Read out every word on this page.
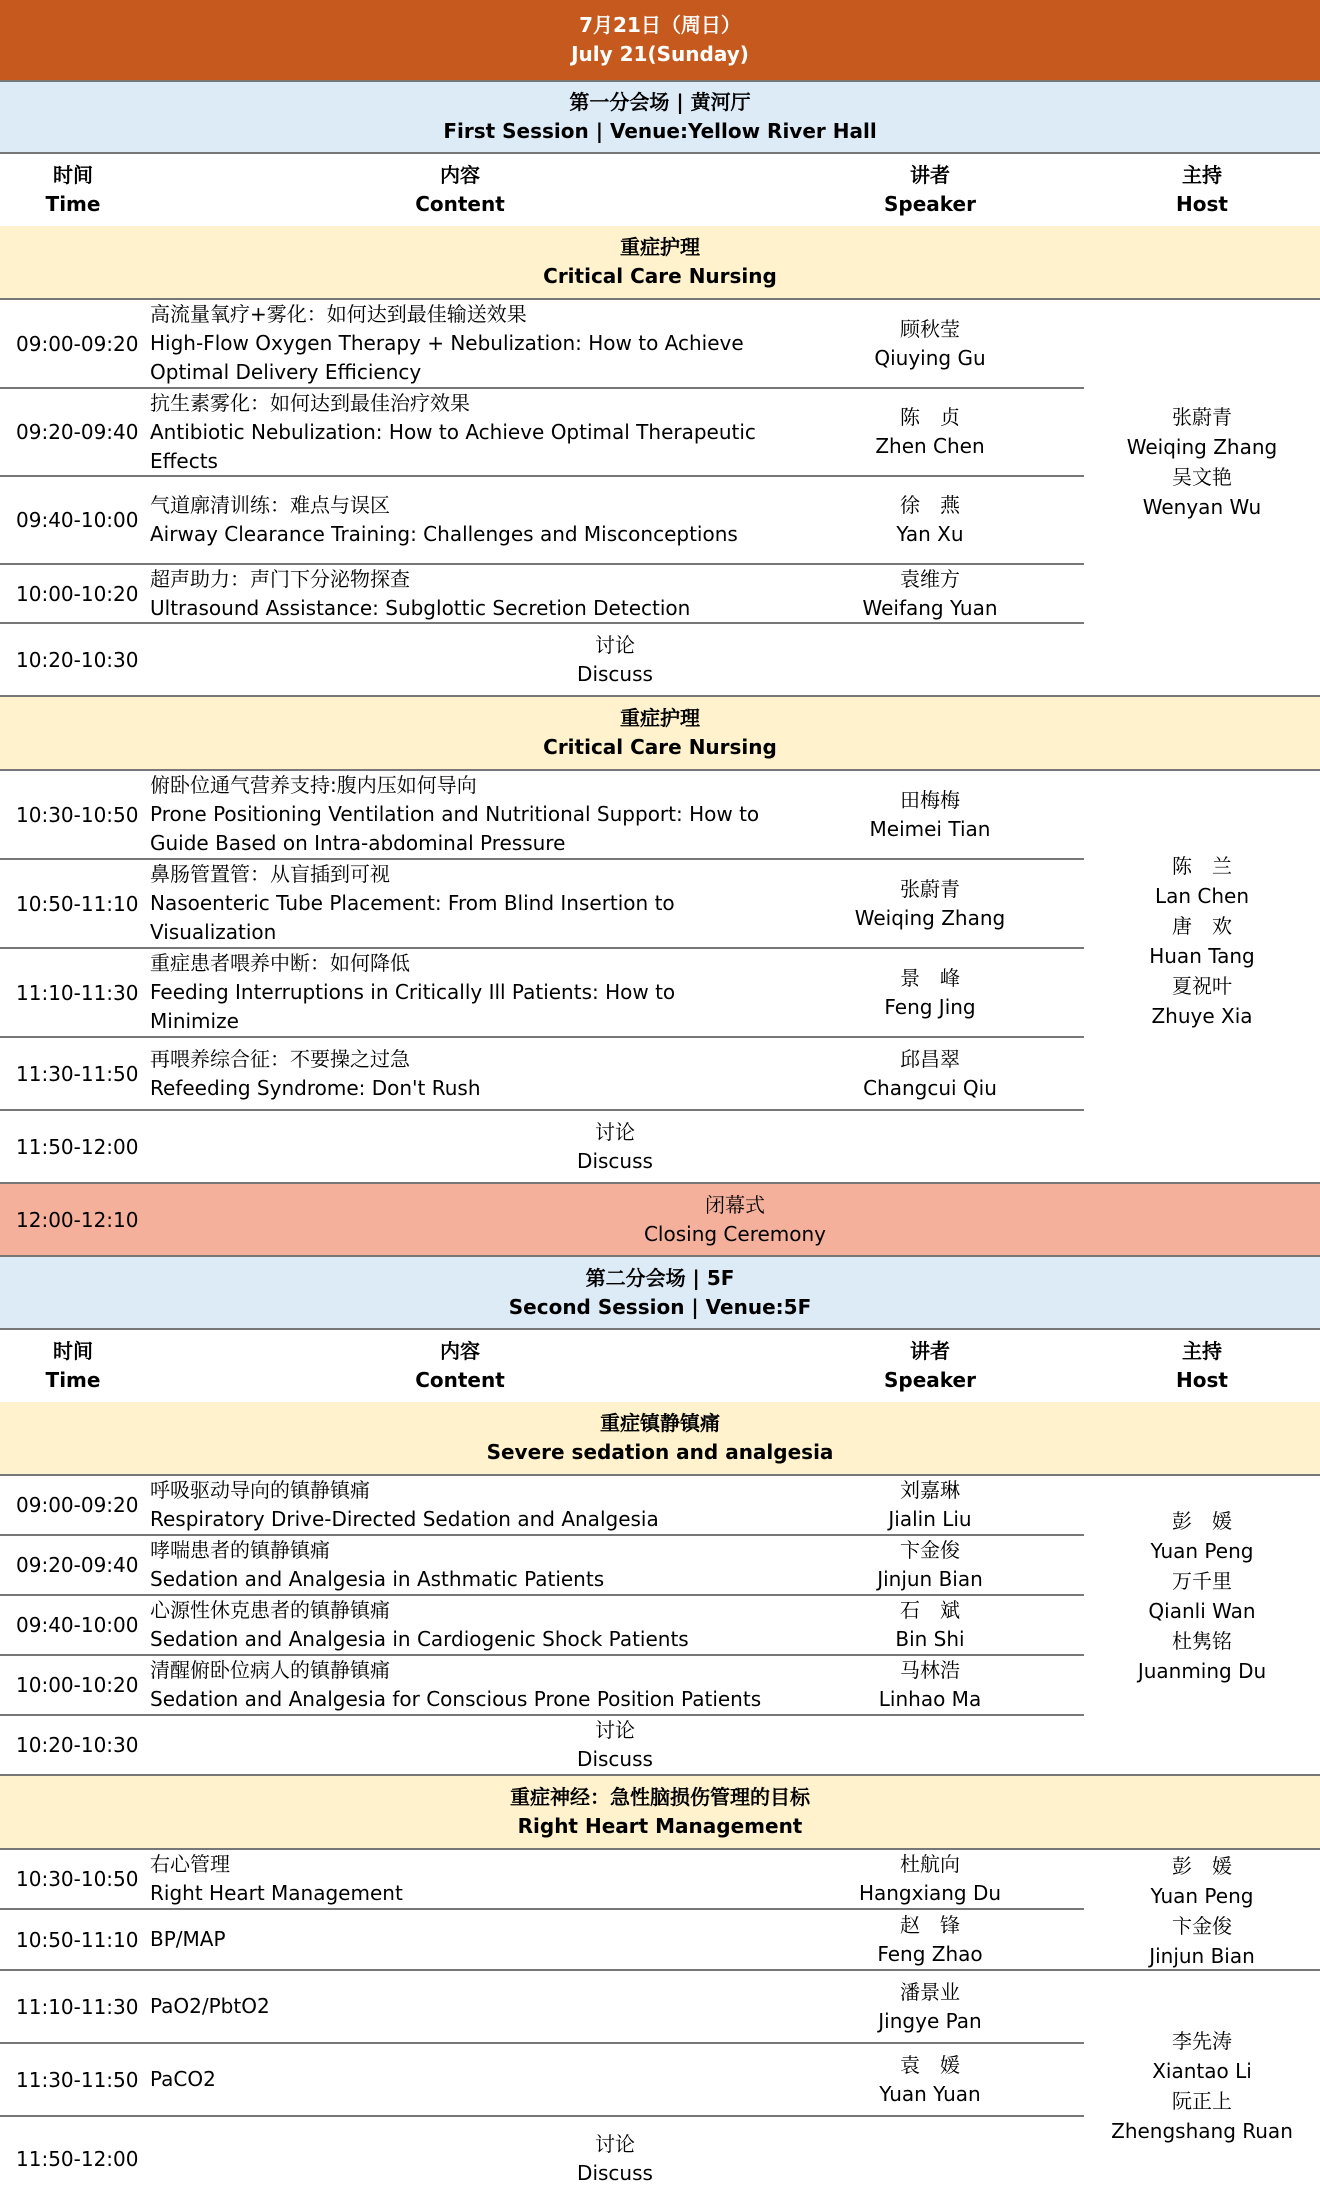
7月21日（周日）
July 21(Sunday)
第一分会场 | 黄河厅
First Session | Venue:Yellow River Hall
时间
Time
内容
Content
讲者
Speaker
主持
Host
重症护理
Critical Care Nursing
09:00-09:20
高流量氧疗+雾化：如何达到最佳输送效果
High-Flow Oxygen Therapy + Nebulization: How to Achieve
Optimal Delivery Efficiency
顾秋莹
Qiuying Gu
09:20-09:40
抗生素雾化：如何达到最佳治疗效果
Antibiotic Nebulization: How to Achieve Optimal Therapeutic
Effects
陈　贞
Zhen Chen
09:40-10:00
气道廓清训练：难点与误区
Airway Clearance Training: Challenges and Misconceptions
徐　燕
Yan Xu
10:00-10:20
超声助力：声门下分泌物探查
Ultrasound Assistance: Subglottic Secretion Detection
袁维方
Weifang Yuan
10:20-10:30
讨论
Discuss
张蔚青
Weiqing Zhang
吴文艳
Wenyan Wu
重症护理
Critical Care Nursing
10:30-10:50
俯卧位通气营养支持:腹内压如何导向
Prone Positioning Ventilation and Nutritional Support: How to
Guide Based on Intra-abdominal Pressure
田梅梅
Meimei Tian
10:50-11:10
鼻肠管置管：从盲插到可视
Nasoenteric Tube Placement: From Blind Insertion to
Visualization
张蔚青
Weiqing Zhang
11:10-11:30
重症患者喂养中断：如何降低
Feeding Interruptions in Critically Ill Patients: How to
Minimize
景　峰
Feng Jing
11:30-11:50
再喂养综合征：不要操之过急
Refeeding Syndrome: Don't Rush
邱昌翠
Changcui Qiu
11:50-12:00
讨论
Discuss
陈　兰
Lan Chen
唐　欢
Huan Tang
夏祝叶
Zhuye Xia
12:00-12:10
闭幕式
Closing Ceremony
第二分会场 | 5F
Second Session | Venue:5F
时间
Time
内容
Content
讲者
Speaker
主持
Host
重症镇静镇痛
Severe sedation and analgesia
09:00-09:20
呼吸驱动导向的镇静镇痛
Respiratory Drive-Directed Sedation and Analgesia
刘嘉琳
Jialin Liu
09:20-09:40
哮喘患者的镇静镇痛
Sedation and Analgesia in Asthmatic Patients
卞金俊
Jinjun Bian
09:40-10:00
心源性休克患者的镇静镇痛
Sedation and Analgesia in Cardiogenic Shock Patients
石　斌
Bin Shi
10:00-10:20
清醒俯卧位病人的镇静镇痛
Sedation and Analgesia for Conscious Prone Position Patients
马林浩
Linhao Ma
10:20-10:30
讨论
Discuss
彭　媛
Yuan Peng
万千里
Qianli Wan
杜隽铭
Juanming Du
重症神经：急性脑损伤管理的目标
Right Heart Management
10:30-10:50
右心管理
Right Heart Management
杜航向
Hangxiang Du
10:50-11:10 BP/MAP
赵　锋
Feng Zhao
11:10-11:30 PaO2/PbtO2
潘景业
Jingye Pan
11:30-11:50 PaCO2
袁　媛
Yuan Yuan
11:50-12:00
讨论
Discuss
彭　媛
Yuan Peng
卞金俊
Jinjun Bian
李先涛
Xiantao Li
阮正上
Zhengshang Ruan
